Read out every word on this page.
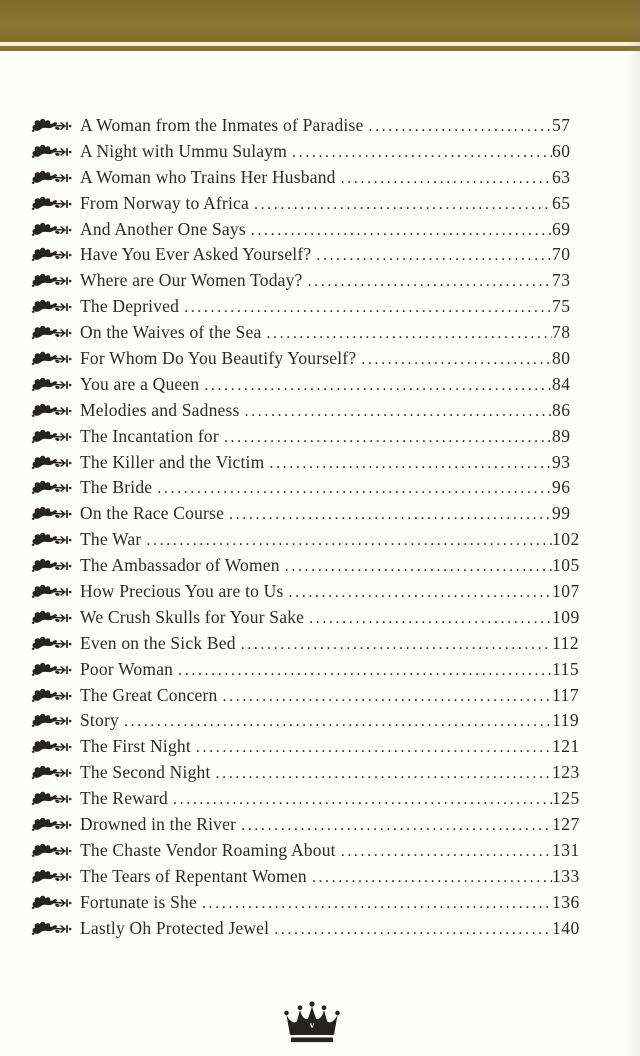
A Woman from the Inmates of Paradise .....	57
A Night with Ummu Sulaym .....	60
A Woman who Trains Her Husband .....	63
From Norway to Africa .....	65
And Another One Says .....	69
Have You Ever Asked Yourself? .....	70
Where are Our Women Today? .....	73
The Deprived .....	75
On the Waives of the Sea .....	78
For Whom Do You Beautify Yourself? .....	80
You are a Queen .....	84
Melodies and Sadness .....	86
The Incantation for .....	89
The Killer and the Victim .....	93
The Bride .....	96
On the Race Course .....	99
The War .....	102
The Ambassador of Women .....	105
How Precious You are to Us .....	107
We Crush Skulls for Your Sake .....	109
Even on the Sick Bed .....	112
Poor Woman .....	115
The Great Concern .....	117
Story .....	119
The First Night .....	121
The Second Night .....	123
The Reward .....	125
Drowned in the River .....	127
The Chaste Vendor Roaming About .....	131
The Tears of Repentant Women .....	133
Fortunate is She .....	136
Lastly Oh Protected Jewel .....	140
v
